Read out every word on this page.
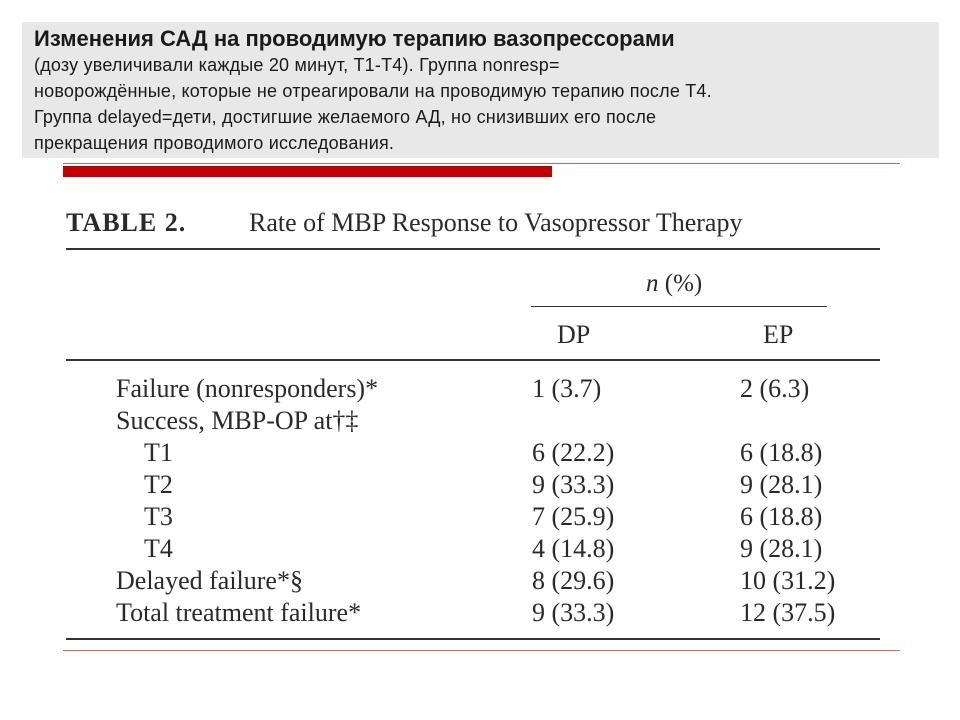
Изменения САД на проводимую терапию вазопрессорами

(дозу увеличивали каждые 20 минут, Т1-Т4). Группа nonresp=

новорождённые, которые не отреагировали на проводимую терапию после Т4.

Группа delayed=дети, достигшие желаемого АД, но снизивших его после

прекращения проводимого исследования.

TABLE 2. Rate of MBP Response to Vasopressor Therapy
n (%)
DP	EP
Failure (nonresponders)*	1 (3.7)	2 (6.3)
Success, MBP-OP at†‡
T1	6 (22.2)	6 (18.8)
T2	9 (33.3)	9 (28.1)
T3	7 (25.9)	6 (18.8)
T4	4 (14.8)	9 (28.1)
Delayed failure*§	8 (29.6)	10 (31.2)
Total treatment failure*	9 (33.3)	12 (37.5)
